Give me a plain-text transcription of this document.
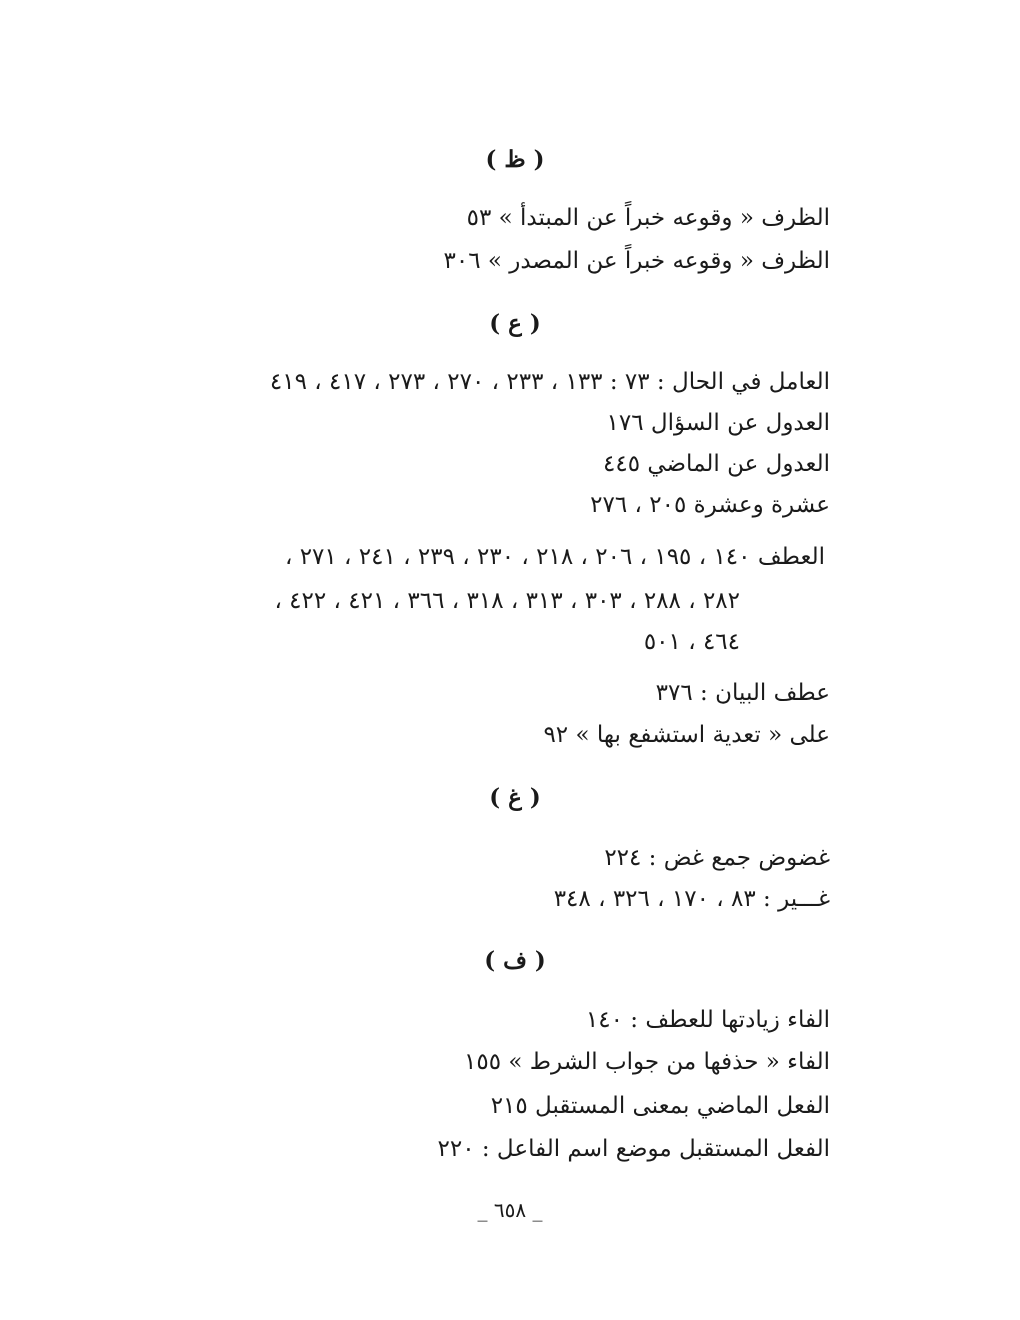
( ظ )
الظرف « وقوعه خبراً عن المبتدأ » ٥٣
الظرف « وقوعه خبراً عن المصدر » ٣٠٦
( ع )
العامل في الحال : ٧٣ : ١٣٣ ، ٢٣٣ ، ٢٧٠ ، ٢٧٣ ، ٤١٧ ، ٤١٩
العدول عن السؤال ١٧٦
العدول عن الماضي ٤٤٥
عشرة وعشرة ٢٠٥ ، ٢٧٦
العطف ١٤٠ ، ١٩٥ ، ٢٠٦ ، ٢١٨ ، ٢٣٠ ، ٢٣٩ ، ٢٤١ ، ٢٧١ ،
٢٨٢ ، ٢٨٨ ، ٣٠٣ ، ٣١٣ ، ٣١٨ ، ٣٦٦ ، ٤٢١ ، ٤٢٢ ،
٤٦٤ ، ٥٠١
عطف البيان : ٣٧٦
على « تعدية استشفع بها » ٩٢
( غ )
غضوض جمع غض : ٢٢٤
غـــير : ٨٣ ، ١٧٠ ، ٣٢٦ ، ٣٤٨
( ف )
الفاء زيادتها للعطف : ١٤٠
الفاء « حذفها من جواب الشرط » ١٥٥
الفعل الماضي بمعنى المستقبل ٢١٥
الفعل المستقبل موضع اسم الفاعل : ٢٢٠
_ ٦٥٨ _
